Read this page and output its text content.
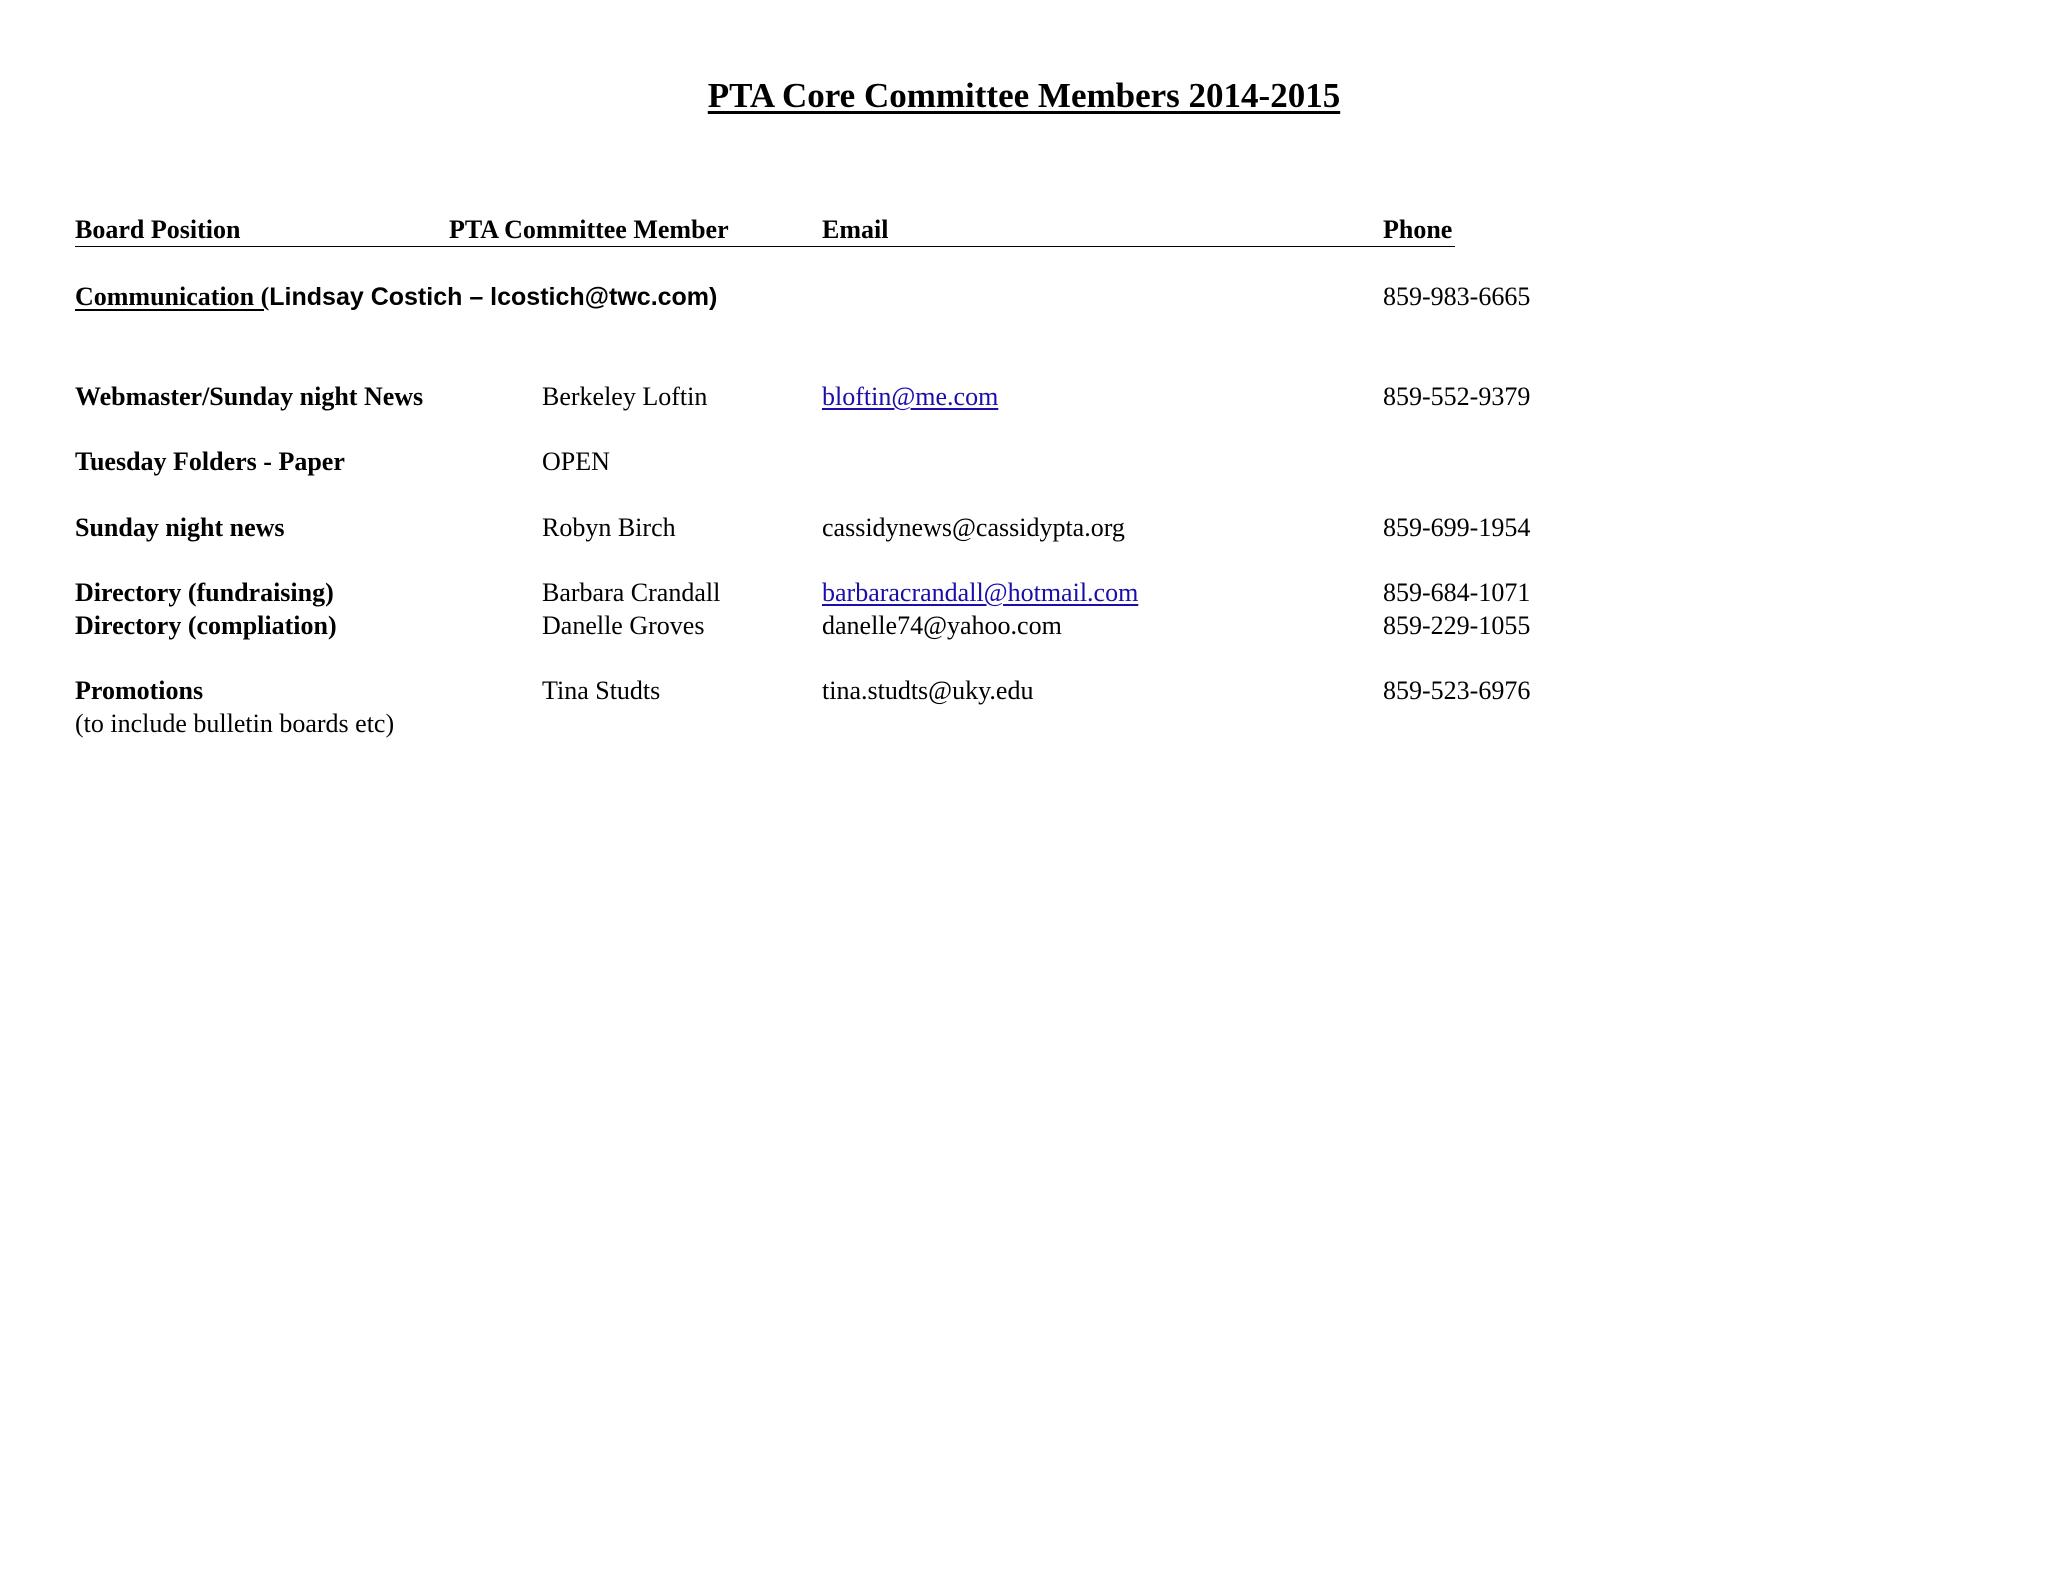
PTA Core Committee Members 2014-2015
Board Position	PTA Committee Member	Email	Phone
Communication (Lindsay Costich – lcostich@twc.com)	859-983-6665
Webmaster/Sunday night News	Berkeley Loftin	bloftin@me.com	859-552-9379
Tuesday Folders - Paper	OPEN
Sunday night news	Robyn Birch	cassidynews@cassidypta.org	859-699-1954
Directory (fundraising)	Barbara Crandall	barbaracrandall@hotmail.com	859-684-1071
Directory (compliation)	Danelle Groves	danelle74@yahoo.com	859-229-1055
Promotions	Tina Studts	tina.studts@uky.edu	859-523-6976
(to include bulletin boards etc)
